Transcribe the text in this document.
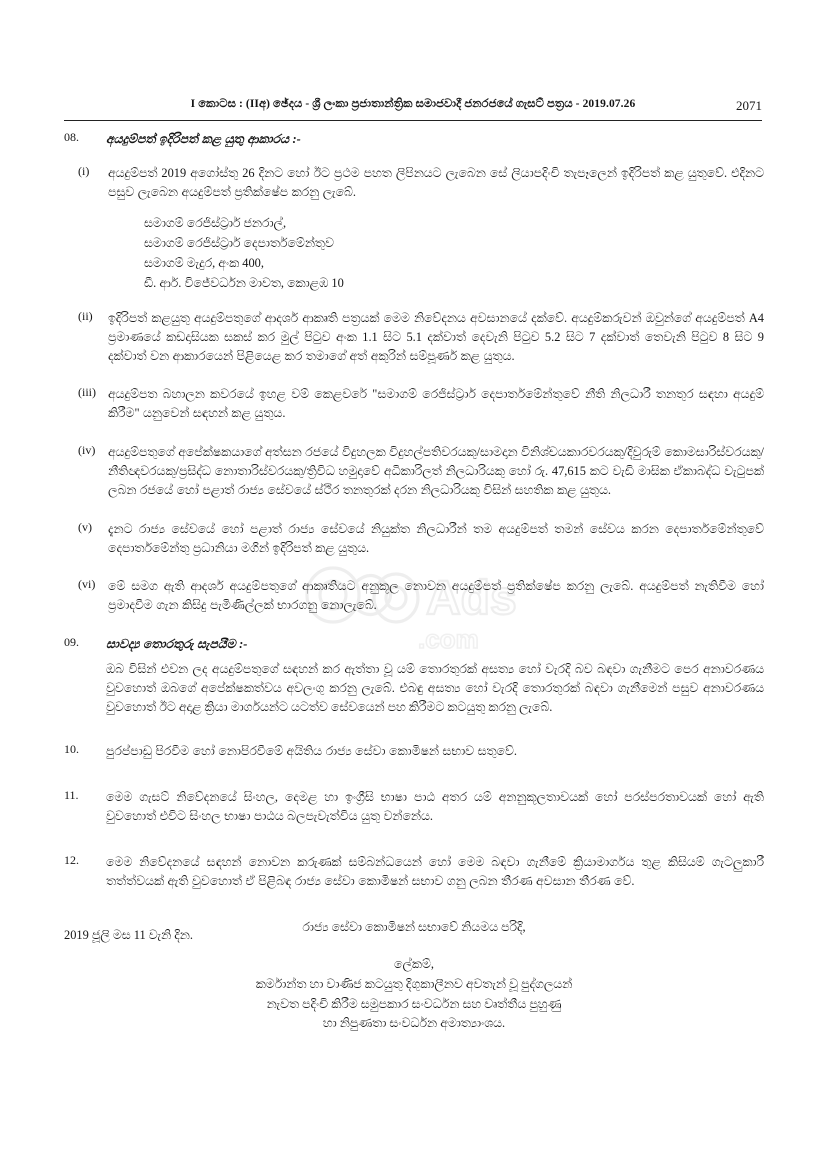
Ads
.com
I කොටස : (IIඅ) ඡේදය - ශ්‍රී ලංකා ප්‍රජාතාන්ත්‍රික සමාජවාදී ජනරජයේ ගැසට් පත්‍රය - 2019.07.26	2071
08.	අයදුම්පත් ඉදිරිපත් කළ යුතු ආකාරය :-
(i)	අයදුම්පත් 2019 අගෝස්තු 26 දිනට හෝ ඊට ප්‍රථම පහත ලිපිනයට ලැබෙන සේ ලියාපදිංචි තැපෑලෙන් ඉදිරිපත් කළ යුතුවේ. එදිනට පසුව ලැබෙන අයදුම්පත් ප්‍රතික්ෂේප කරනු ලැබේ.
සමාගම් රෙජිස්ට්‍රාර් ජනරාල්,
සමාගම් රෙජිස්ට්‍රාර් දෙපාර්තමේන්තුව
සමාගම් මැදුර, අංක 400,
ඩී. ආර්. විජේවර්ධන මාවත, කොළඹ 10
(ii)	ඉදිරිපත් කළයුතු අයදුම්පතුගේ ආදර්ශ ආකෘති පත්‍රයක් මෙම නිවේදනය අවසානයේ දක්වේ. අයදුම්කරුවන් ඔවුන්ගේ අයදුම්පත් A4 ප්‍රමාණයේ කඩදාසියක සකස් කර මුල් පිටුව අංක 1.1 සිට 5.1 දක්වාත් දෙවැනි පිටුව 5.2 සිට 7 දක්වාත් තෙවැනි පිටුව 8 සිට 9 දක්වාත් වන ආකාරයෙන් පිළියෙළ කර තමාගේ අත් අකුරින් සම්පූර්ණ කළ යුතුය.
(iii) අයදුම්පත බහාලන කවරයේ ඉහළ වම් කෙළවරේ "සමාගම් රෙජිස්ට්‍රාර් දෙපාර්තමේන්තුවේ නීති නිලධාරී තනතුර සඳහා අයදුම් කිරීම" යනුවෙන් සඳහන් කළ යුතුය.
(iv)	අයදුම්පතුගේ අපේක්ෂකයාගේ අත්සන රජයේ විදුහලක විදුහල්පතිවරයකු/සාමදාන විනිශ්චයකාරවරයකු/දිවුරුම් කොමසාරිස්වරයකු/නීතිඥවරයකු/ප්‍රසිද්ධ නොතාරිස්වරයකු/ත්‍රිවිධ හමුදාවේ අධිකාරිලත් නිලධාරියකු හෝ රු. 47,615 කට වැඩි මාසික ඒකාබද්ධ වැටුපක් ලබන රජයේ හෝ පළාත් රාජ්‍ය සේවයේ ස්ථිර තනතුරක් දරන නිලධාරියකු විසින් සහතික කළ යුතුය.
(v)	දැනට රාජ්‍ය සේවයේ හෝ පළාත් රාජ්‍ය සේවයේ නියුක්ත නිලධාරීන් තම අයදුම්පත් තමන් සේවය කරන දෙපාර්තමේන්තුවේ දෙපාර්තමේන්තු ප්‍රධානියා මගින් ඉදිරිපත් කළ යුතුය.
(vi)	මේ සමග ඇති ආදර්ශ අයදුම්පතුගේ ආකෘතියට අනුකූල නොවන අයදුම්පත් ප්‍රතික්ෂේප කරනු ලැබේ. අයදුම්පත් නැතිවීම හෝ ප්‍රමාදවීම ගැන කිසිදු පැමිණිල්ලක් භාරගනු නොලැබේ.
09.	සාවද්‍ය තොරතුරු සැපයීම :-
ඔබ විසින් එවන ලද අයදුම්පතුගේ සඳහන් කර ඇත්තා වූ යම් තොරතුරක් අසත්‍ය හෝ වැරදි බව බඳවා ගැනීමට පෙර අනාවරණය වුවහොත් ඔබගේ අපේක්ෂකත්වය අවලංගු කරනු ලැබේ. එබඳු අසත්‍ය හෝ වැරදි තොරතුරක් බඳවා ගැනීමෙන් පසුව අනාවරණය වුවහොත් ඊට අදාළ ක්‍රියා මාර්ගයන්ට යටත්ව සේවයෙන් පහ කිරීමට කටයුතු කරනු ලැබේ.
10.	පුරප්පාඩු පිරවීම හෝ නොපිරවීමේ අයිතිය රාජ්‍ය සේවා කොමිෂන් සභාව සතුවේ.
11.	මෙම ගැසට් නිවේදනයේ සිංහල, දෙමළ හා ඉංග්‍රීසි භාෂා පාඨ අතර යම් අනනුකූලතාවයක් හෝ පරස්පරතාවයක් හෝ ඇති වුවහොත් එවිට සිංහල භාෂා පාඨය බලපැවැත්විය යුතු වන්නේය.
12.	මෙම නිවේදනයේ සඳහන් නොවන කරුණක් සම්බන්ධයෙන් හෝ මෙම බඳවා ගැනීමේ ක්‍රියාමාර්ගය තුළ කිසියම් ගැටලුකාරී තත්ත්වයක් ඇති වුවහොත් ඒ පිළිබඳ රාජ්‍ය සේවා කොමිෂන් සභාව ගනු ලබන තීරණ අවසාන තීරණ වේ.
රාජ්‍ය සේවා කොමිෂන් සභාවේ නියමය පරිදි,
ලේකම්,
කර්මාන්ත හා වාණිජ කටයුතු දිගුකාලීනව අවතැන් වූ පුද්ගලයන්
නැවත පදිංචි කිරීම සමුපකාර සංවර්ධන සහ වෘත්තීය පුහුණු
හා නිපුණතා සංවර්ධන අමාත්‍යාංශය.
2019 ජූලි මස 11 වැනි දින.
